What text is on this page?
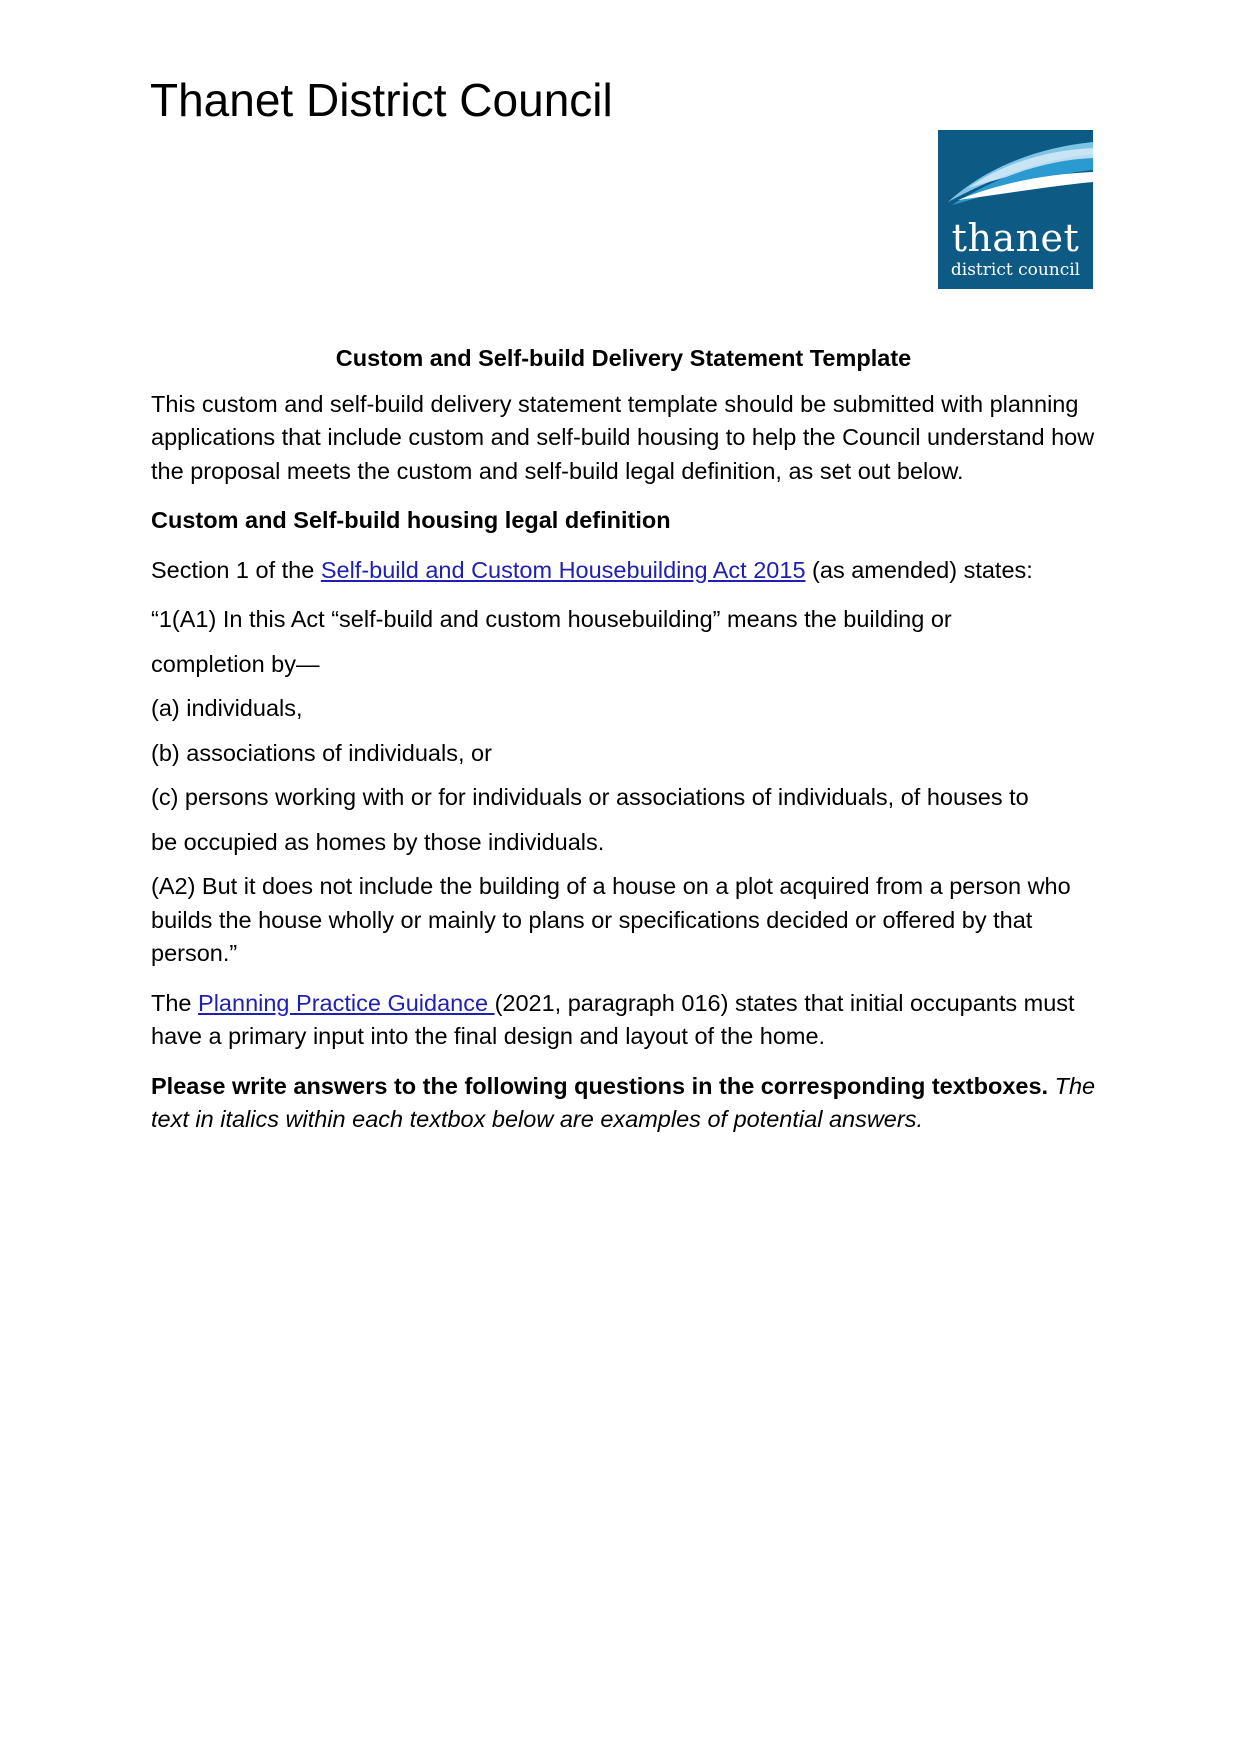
Thanet District Council
thanet
district council

Custom and Self-build Delivery Statement Template

This custom and self-build delivery statement template should be submitted with planning applications that include custom and self-build housing to help the Council understand how the proposal meets the custom and self-build legal definition, as set out below.

Custom and Self-build housing legal definition

Section 1 of the Self-build and Custom Housebuilding Act 2015 (as amended) states:

“1(A1) In this Act “self-build and custom housebuilding” means the building or

completion by—

(a) individuals,

(b) associations of individuals, or

(c) persons working with or for individuals or associations of individuals, of houses to

be occupied as homes by those individuals.

(A2) But it does not include the building of a house on a plot acquired from a person who builds the house wholly or mainly to plans or specifications decided or offered by that person.”

The Planning Practice Guidance (2021, paragraph 016) states that initial occupants must have a primary input into the final design and layout of the home.

Please write answers to the following questions in the corresponding textboxes. The text in italics within each textbox below are examples of potential answers.
